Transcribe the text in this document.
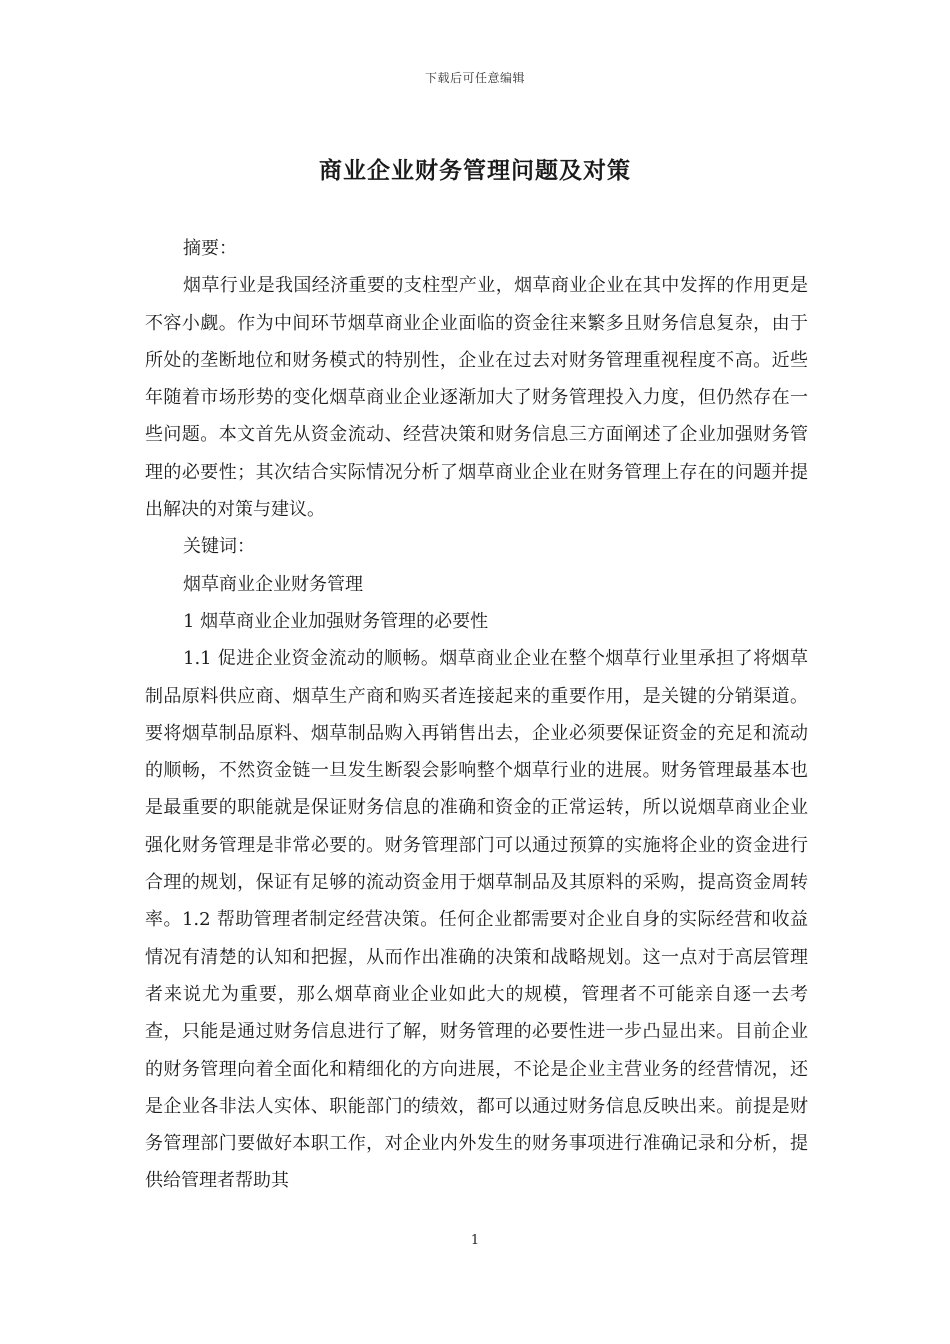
下载后可任意编辑
商业企业财务管理问题及对策

摘要：

烟草行业是我国经济重要的支柱型产业，烟草商业企业在其中发挥的作用更是不容小觑。作为中间环节烟草商业企业面临的资金往来繁多且财务信息复杂，由于所处的垄断地位和财务模式的特别性，企业在过去对财务管理重视程度不高。近些年随着市场形势的变化烟草商业企业逐渐加大了财务管理投入力度，但仍然存在一些问题。本文首先从资金流动、经营决策和财务信息三方面阐述了企业加强财务管理的必要性；其次结合实际情况分析了烟草商业企业在财务管理上存在的问题并提出解决的对策与建议。

关键词：

烟草商业企业财务管理

1 烟草商业企业加强财务管理的必要性

1.1 促进企业资金流动的顺畅。烟草商业企业在整个烟草行业里承担了将烟草制品原料供应商、烟草生产商和购买者连接起来的重要作用，是关键的分销渠道。要将烟草制品原料、烟草制品购入再销售出去，企业必须要保证资金的充足和流动的顺畅，不然资金链一旦发生断裂会影响整个烟草行业的进展。财务管理最基本也是最重要的职能就是保证财务信息的准确和资金的正常运转，所以说烟草商业企业强化财务管理是非常必要的。财务管理部门可以通过预算的实施将企业的资金进行合理的规划，保证有足够的流动资金用于烟草制品及其原料的采购，提高资金周转率。1.2 帮助管理者制定经营决策。任何企业都需要对企业自身的实际经营和收益情况有清楚的认知和把握，从而作出准确的决策和战略规划。这一点对于高层管理者来说尤为重要，那么烟草商业企业如此大的规模，管理者不可能亲自逐一去考查，只能是通过财务信息进行了解，财务管理的必要性进一步凸显出来。目前企业的财务管理向着全面化和精细化的方向进展，不论是企业主营业务的经营情况，还是企业各非法人实体、职能部门的绩效，都可以通过财务信息反映出来。前提是财务管理部门要做好本职工作，对企业内外发生的财务事项进行准确记录和分析，提供给管理者帮助其

1
